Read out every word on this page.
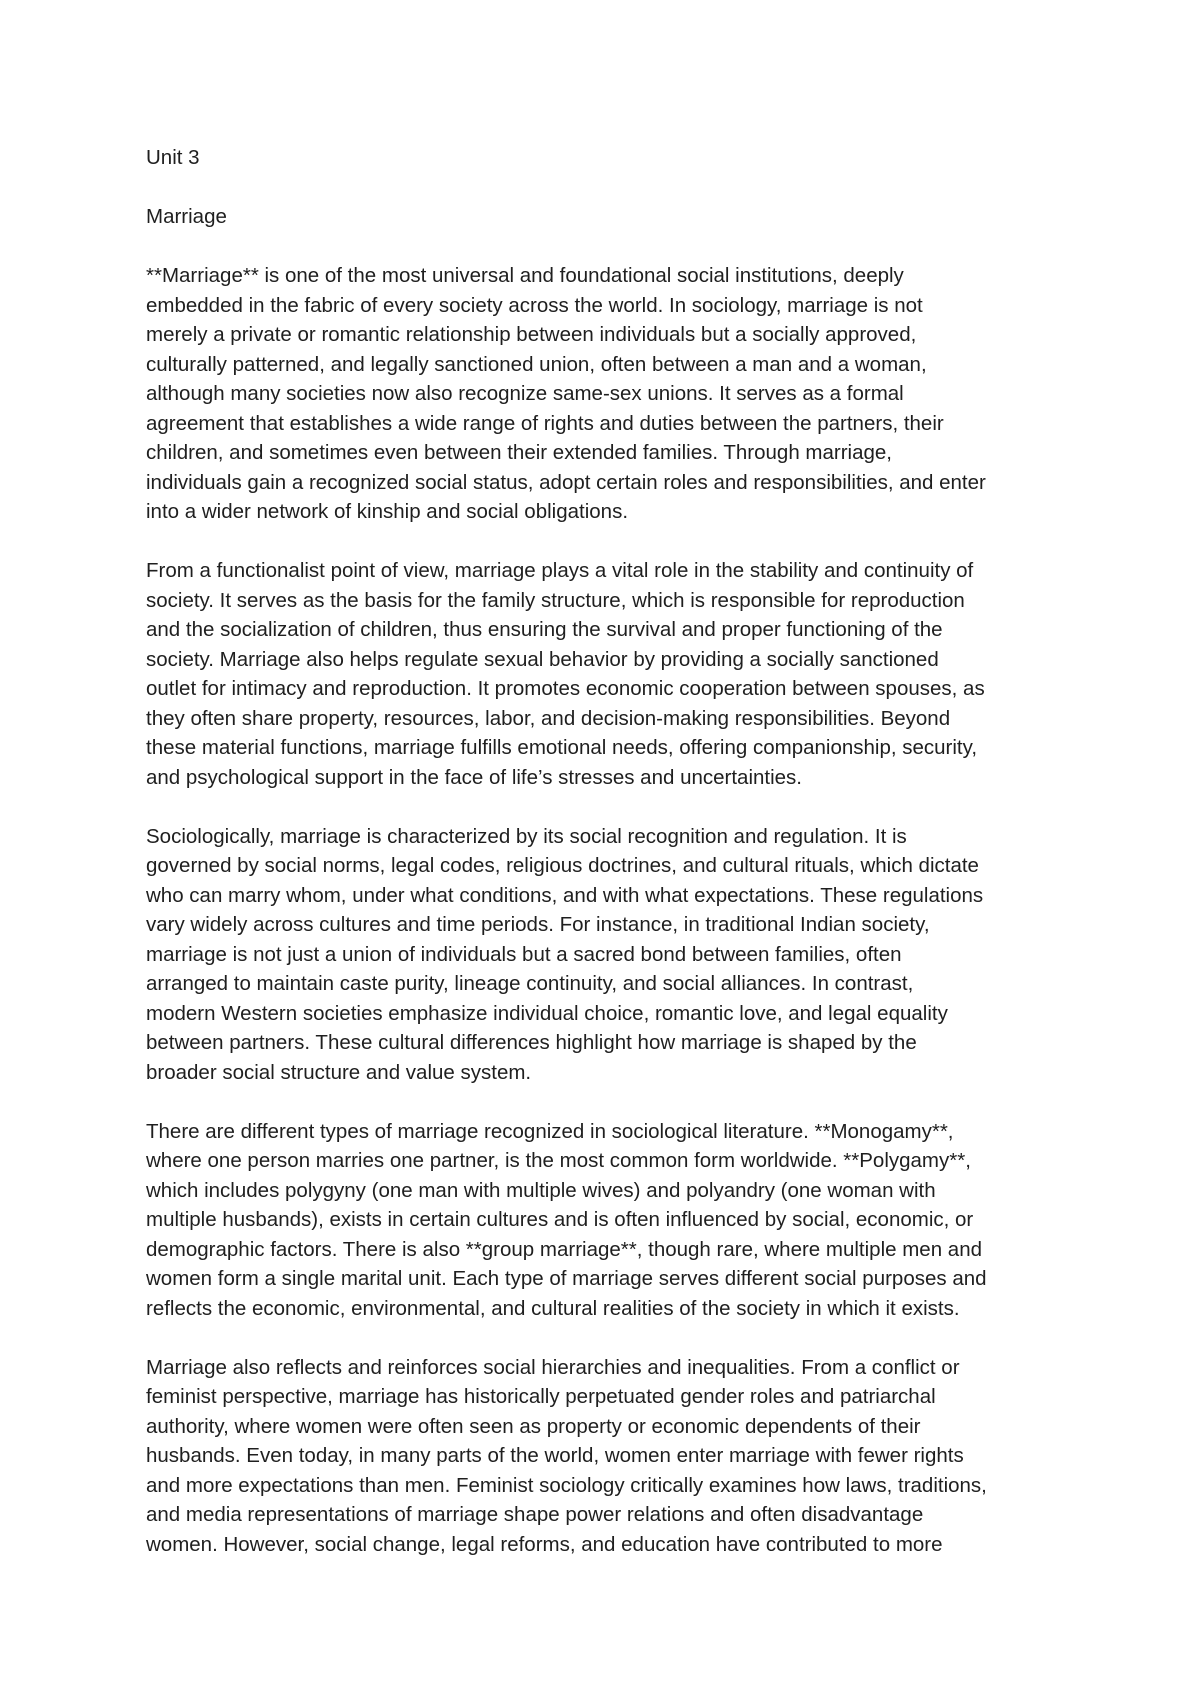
Unit 3
Marriage
**Marriage** is one of the most universal and foundational social institutions, deeply
embedded in the fabric of every society across the world. In sociology, marriage is not
merely a private or romantic relationship between individuals but a socially approved,
culturally patterned, and legally sanctioned union, often between a man and a woman,
although many societies now also recognize same-sex unions. It serves as a formal
agreement that establishes a wide range of rights and duties between the partners, their
children, and sometimes even between their extended families. Through marriage,
individuals gain a recognized social status, adopt certain roles and responsibilities, and enter
into a wider network of kinship and social obligations.
From a functionalist point of view, marriage plays a vital role in the stability and continuity of
society. It serves as the basis for the family structure, which is responsible for reproduction
and the socialization of children, thus ensuring the survival and proper functioning of the
society. Marriage also helps regulate sexual behavior by providing a socially sanctioned
outlet for intimacy and reproduction. It promotes economic cooperation between spouses, as
they often share property, resources, labor, and decision-making responsibilities. Beyond
these material functions, marriage fulfills emotional needs, offering companionship, security,
and psychological support in the face of life’s stresses and uncertainties.
Sociologically, marriage is characterized by its social recognition and regulation. It is
governed by social norms, legal codes, religious doctrines, and cultural rituals, which dictate
who can marry whom, under what conditions, and with what expectations. These regulations
vary widely across cultures and time periods. For instance, in traditional Indian society,
marriage is not just a union of individuals but a sacred bond between families, often
arranged to maintain caste purity, lineage continuity, and social alliances. In contrast,
modern Western societies emphasize individual choice, romantic love, and legal equality
between partners. These cultural differences highlight how marriage is shaped by the
broader social structure and value system.
There are different types of marriage recognized in sociological literature. **Monogamy**,
where one person marries one partner, is the most common form worldwide. **Polygamy**,
which includes polygyny (one man with multiple wives) and polyandry (one woman with
multiple husbands), exists in certain cultures and is often influenced by social, economic, or
demographic factors. There is also **group marriage**, though rare, where multiple men and
women form a single marital unit. Each type of marriage serves different social purposes and
reflects the economic, environmental, and cultural realities of the society in which it exists.
Marriage also reflects and reinforces social hierarchies and inequalities. From a conflict or
feminist perspective, marriage has historically perpetuated gender roles and patriarchal
authority, where women were often seen as property or economic dependents of their
husbands. Even today, in many parts of the world, women enter marriage with fewer rights
and more expectations than men. Feminist sociology critically examines how laws, traditions,
and media representations of marriage shape power relations and often disadvantage
women. However, social change, legal reforms, and education have contributed to more
